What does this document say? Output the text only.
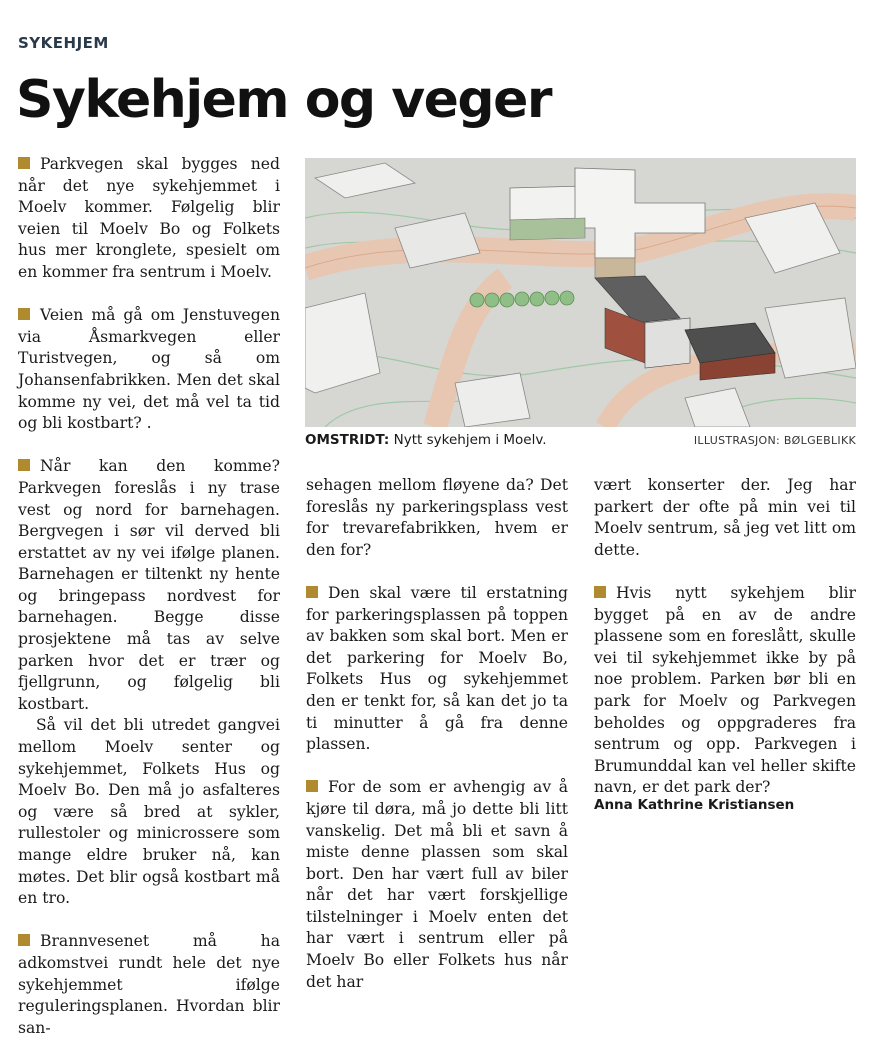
SYKEHJEM
Sykehjem og veger

Parkvegen skal bygges ned når det nye sykehjemmet i Moelv kommer. Følgelig blir veien til Moelv Bo og Folkets hus mer kronglete, spesielt om en kommer fra sentrum i Moelv.

Veien må gå om Jenstuvegen via Åsmarkvegen eller Turistvegen, og så om Johansenfabrikken. Men det skal komme ny vei, det må vel ta tid og bli kostbart? .

Når kan den komme? Parkvegen foreslås i ny trase vest og nord for barnehagen. Bergvegen i sør vil derved bli erstattet av ny vei ifølge planen. Barnehagen er tiltenkt ny hente og bringepass nordvest for barnehagen. Begge disse prosjektene må tas av selve parken hvor det er trær og fjellgrunn, og følgelig bli kostbart.

Så vil det bli utredet gangvei mellom Moelv senter og sykehjemmet, Folkets Hus og Moelv Bo. Den må jo asfalteres og være så bred at sykler, rullestoler og minicrossere som mange eldre bruker nå, kan møtes. Det blir også kostbart må en tro.

Brannvesenet må ha adkomstvei rundt hele det nye sykehjemmet ifølge reguleringsplanen. Hvordan blir san-

OMSTRIDT: Nytt sykehjem i Moelv.	ILLUSTRASJON: BØLGEBLIKK

sehagen mellom fløyene da? Det foreslås ny parkeringsplass vest for trevarefabrikken, hvem er den for?

Den skal være til erstatning for parkeringsplassen på toppen av bakken som skal bort. Men er det parkering for Moelv Bo, Folkets Hus og sykehjemmet den er tenkt for, så kan det jo ta ti minutter å gå fra denne plassen.

For de som er avhengig av å kjøre til døra, må jo dette bli litt vanskelig. Det må bli et savn å miste denne plassen som skal bort. Den har vært full av biler når det har vært forskjellige tilstelninger i Moelv enten det har vært i sentrum eller på Moelv Bo eller Folkets hus når det har

vært konserter der. Jeg har parkert der ofte på min vei til Moelv sentrum, så jeg vet litt om dette.

Hvis nytt sykehjem blir bygget på en av de andre plassene som en foreslått, skulle vei til sykehjemmet ikke by på noe problem. Parken bør bli en park for Moelv og Parkvegen beholdes og oppgraderes fra sentrum og opp. Parkvegen i Brumunddal kan vel heller skifte navn, er det park der?

Anna Kathrine Kristiansen
